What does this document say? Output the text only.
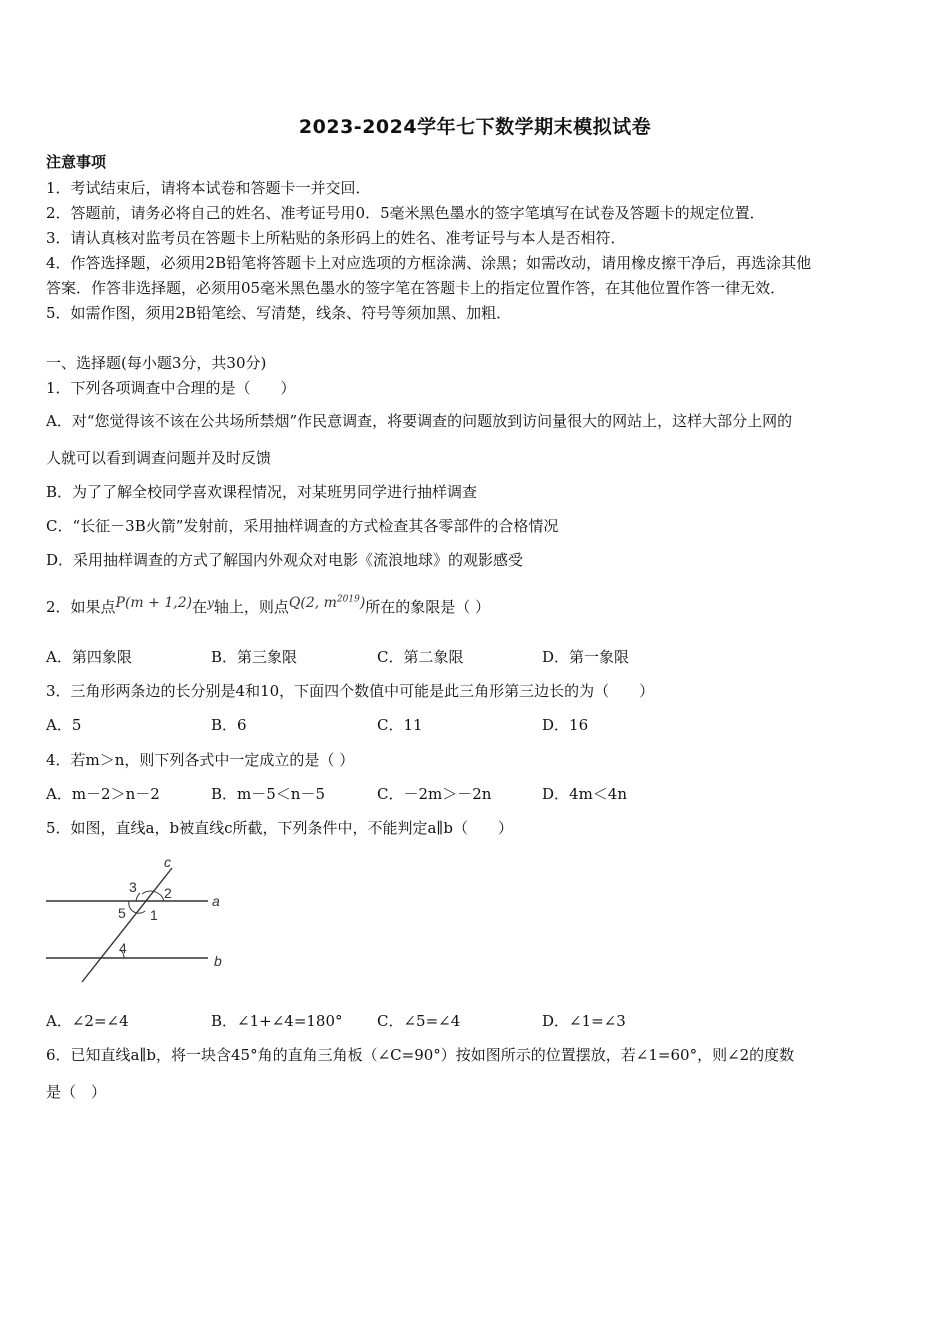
2023-2024学年七下数学期末模拟试卷
注意事项
1．考试结束后，请将本试卷和答题卡一并交回．
2．答题前，请务必将自己的姓名、准考证号用0．5毫米黑色墨水的签字笔填写在试卷及答题卡的规定位置．
3．请认真核对监考员在答题卡上所粘贴的条形码上的姓名、准考证号与本人是否相符．
4．作答选择题，必须用2B铅笔将答题卡上对应选项的方框涂满、涂黑；如需改动，请用橡皮擦干净后，再选涂其他
答案．作答非选择题，必须用05毫米黑色墨水的签字笔在答题卡上的指定位置作答，在其他位置作答一律无效．
5．如需作图，须用2B铅笔绘、写清楚，线条、符号等须加黑、加粗．
一、选择题(每小题3分，共30分)
1．下列各项调查中合理的是（　　）
A．对“您觉得该不该在公共场所禁烟”作民意调查，将要调查的问题放到访问量很大的网站上，这样大部分上网的
人就可以看到调查问题并及时反馈
B．为了了解全校同学喜欢课程情况，对某班男同学进行抽样调查
C．“长征－3B火箭”发射前，采用抽样调查的方式检查其各零部件的合格情况
D．采用抽样调查的方式了解国内外观众对电影《流浪地球》的观影感受
2．如果点P(m + 1,2)在$^y$轴上，则点Q(2, $m^{2019}$)所在的象限是（ ）
A．第四象限	B．第三象限	C．第二象限	D．第一象限
3．三角形两条边的长分别是4和10，下面四个数值中可能是此三角形第三边长的为（　　）
A．5	B．6	C．11	D．16
4．若m＞n，则下列各式中一定成立的是（ ）
A．m－2＞n－2	B．m－5＜n－5	C．－2m＞－2n	D．4m＜4n
5．如图，直线a，b被直线c所截，下列条件中，不能判定a∥b（　　）
c
a
b
2
3
1
5
4
A．∠2=∠4	B．∠1+∠4=180° C．∠5=∠4	D．∠1=∠3
6．已知直线a∥b，将一块含45°角的直角三角板（∠C=90°）按如图所示的位置摆放，若∠1=60°，则∠2的度数
是（　）
